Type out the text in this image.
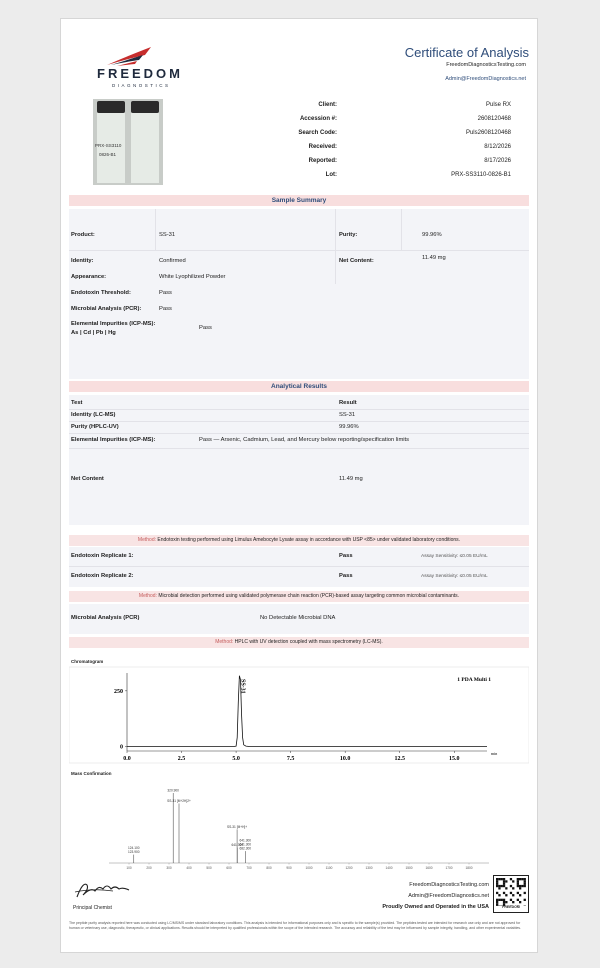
FREEDOM
DIAGNOSTICS
Certificate of Analysis
FreedomDiagnosticsTesting.com
Admin@FreedomDiagnostics.net
PRX-SS3110
0826-B1
Client:	Pulse RX
Accession #:	2608120468
Search Code:	Puls2608120468
Received:	8/12/2026
Reported:	8/17/2026
Lot:	PRX-SS3110-0826-B1
Sample Summary
Product:	SS-31	Purity:	99.96%
Identity:	Confirmed	Net Content:	11.49 mg
Appearance:	White Lyophilized Powder
Endotoxin Threshold:	Pass
Microbial Analysis (PCR):	Pass
Elemental Impurities (ICP-MS):
As | Cd | Pb | Hg
Pass
Analytical Results
Test	Result
Identity (LC-MS)	SS-31
Purity (HPLC-UV)	99.96%
Elemental Impurities (ICP-MS):	Pass — Arsenic, Cadmium, Lead, and Mercury below reporting/specification limits
Net Content	11.49 mg
Method: Endotoxin testing performed using Limulus Amebocyte Lysate assay in accordance with USP <85> under validated laboratory conditions.
Endotoxin Replicate 1:	Pass	Assay Sensitivity: ≤0.05 EU/mL
Endotoxin Replicate 2:	Pass	Assay Sensitivity: ≤0.05 EU/mL
Method: Microbial detection performed using validated polymerase chain reaction (PCR)-based assay targeting common microbial contaminants.
Microbial Analysis (PCR)	No Detectable Microbial DNA
Method: HPLC with UV detection coupled with mass spectrometry (LC-MS).
Chromatogram
0.0	2.5	5.0	7.5	10.0	12.5	15.0
min
0
250	SS-31	1 PDA Multi 1
Mass Confirmation
100	200	300	400	500	600	700	800	900	1000	1100	1200	1300	1400	1500	1600	1700	1800
124.100
123.900
320.900
SS-31 [M+2H]2+
SS-31 [M+H]+
641.300
641.300
641.300
682.300
Principal Chemist
FreedomDiagnosticsTesting.com
Admin@FreedomDiagnostics.net
Proudly Owned and Operated in the USA	FREEDOM
The peptide purity analysis reported here was conducted using LC/MS/MS under standard laboratory conditions. This analysis is intended for informational purposes only and is specific to the sample(s) provided. The peptides tested are intended for research use only and are not approved for human or veterinary use, diagnostic, therapeutic, or clinical applications. Results should be interpreted by qualified professionals within the scope of the intended research. The accuracy and reliability of the test may be influenced by sample integrity, handling, and other experimental variables.
